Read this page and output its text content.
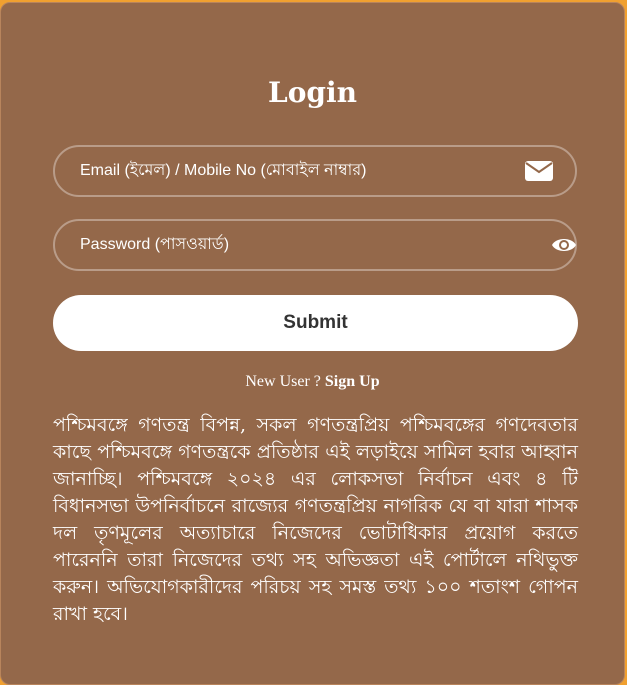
Login
Email (ইমেল) / Mobile No (মোবাইল নাম্বার)
Submit
New User ? Sign Up

পশ্চিমবঙ্গে গণতন্ত্র বিপন্ন, সকল গণতন্ত্রপ্রিয় পশ্চিমবঙ্গের গণদেবতার কাছে পশ্চিমবঙ্গে গণতন্ত্রকে প্রতিষ্ঠার এই লড়াইয়ে সামিল হবার আহ্বান জানাচ্ছি। পশ্চিমবঙ্গে ২০২৪ এর লোকসভা নির্বাচন এবং ৪ টি বিধানসভা উপনির্বাচনে রাজ্যের গণতন্ত্রপ্রিয় নাগরিক যে বা যারা শাসক দল তৃণমূলের অত্যাচারে নিজেদের ভোটাধিকার প্রয়োগ করতে পারেননি তারা নিজেদের তথ্য সহ অভিজ্ঞতা এই পোর্টালে নথিভুক্ত করুন। অভিযোগকারীদের পরিচয় সহ সমস্ত তথ্য ১০০ শতাংশ গোপন রাখা হবে।
